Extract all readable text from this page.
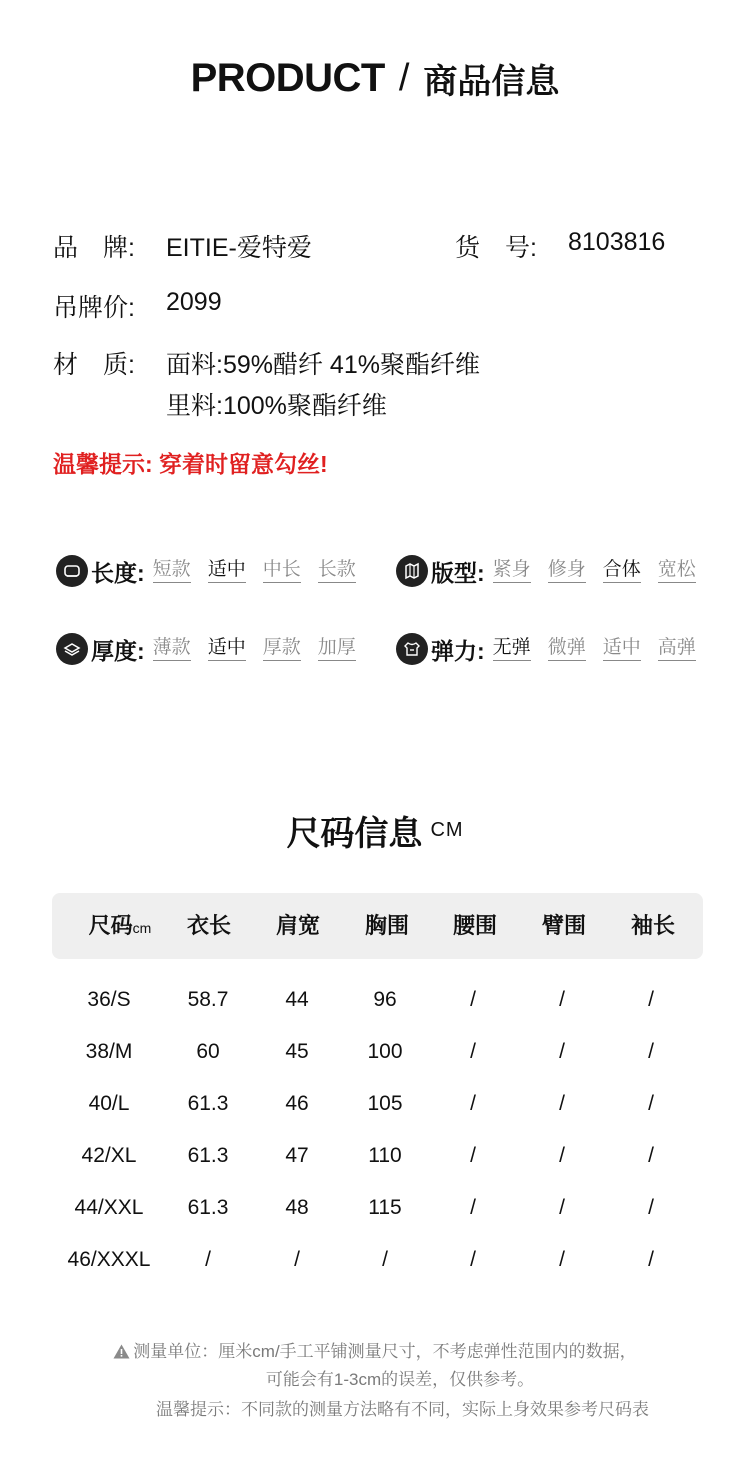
PRODUCT / 商品信息
品　牌: EITIE-爱特爱	货　号: 8103816
吊牌价: 2099
材　质: 面料:59%醋纤 41%聚酯纤维
里料:100%聚酯纤维
温馨提示: 穿着时留意勾丝!
长度: 短款 适中 中长 长款	版型: 紧身 修身 合体 宽松
厚度: 薄款 适中 厚款 加厚	弹力: 无弹 微弹 适中 高弹
尺码信息 CM
尺码cm	衣长	肩宽	胸围	腰围	臂围	袖长
36/S	58.7	44	96	/	/	/
38/M	60	45	100	/	/	/
40/L	61.3	46	105	/	/	/
42/XL	61.3	47	110	/	/	/
44/XXL	61.3	48	115	/	/	/
46/XXXL	/	/	/	/	/	/
测量单位：厘米cm/手工平铺测量尺寸，不考虑弹性范围内的数据，
可能会有1-3cm的误差，仅供参考。
温馨提示：不同款的测量方法略有不同，实际上身效果参考尺码表
